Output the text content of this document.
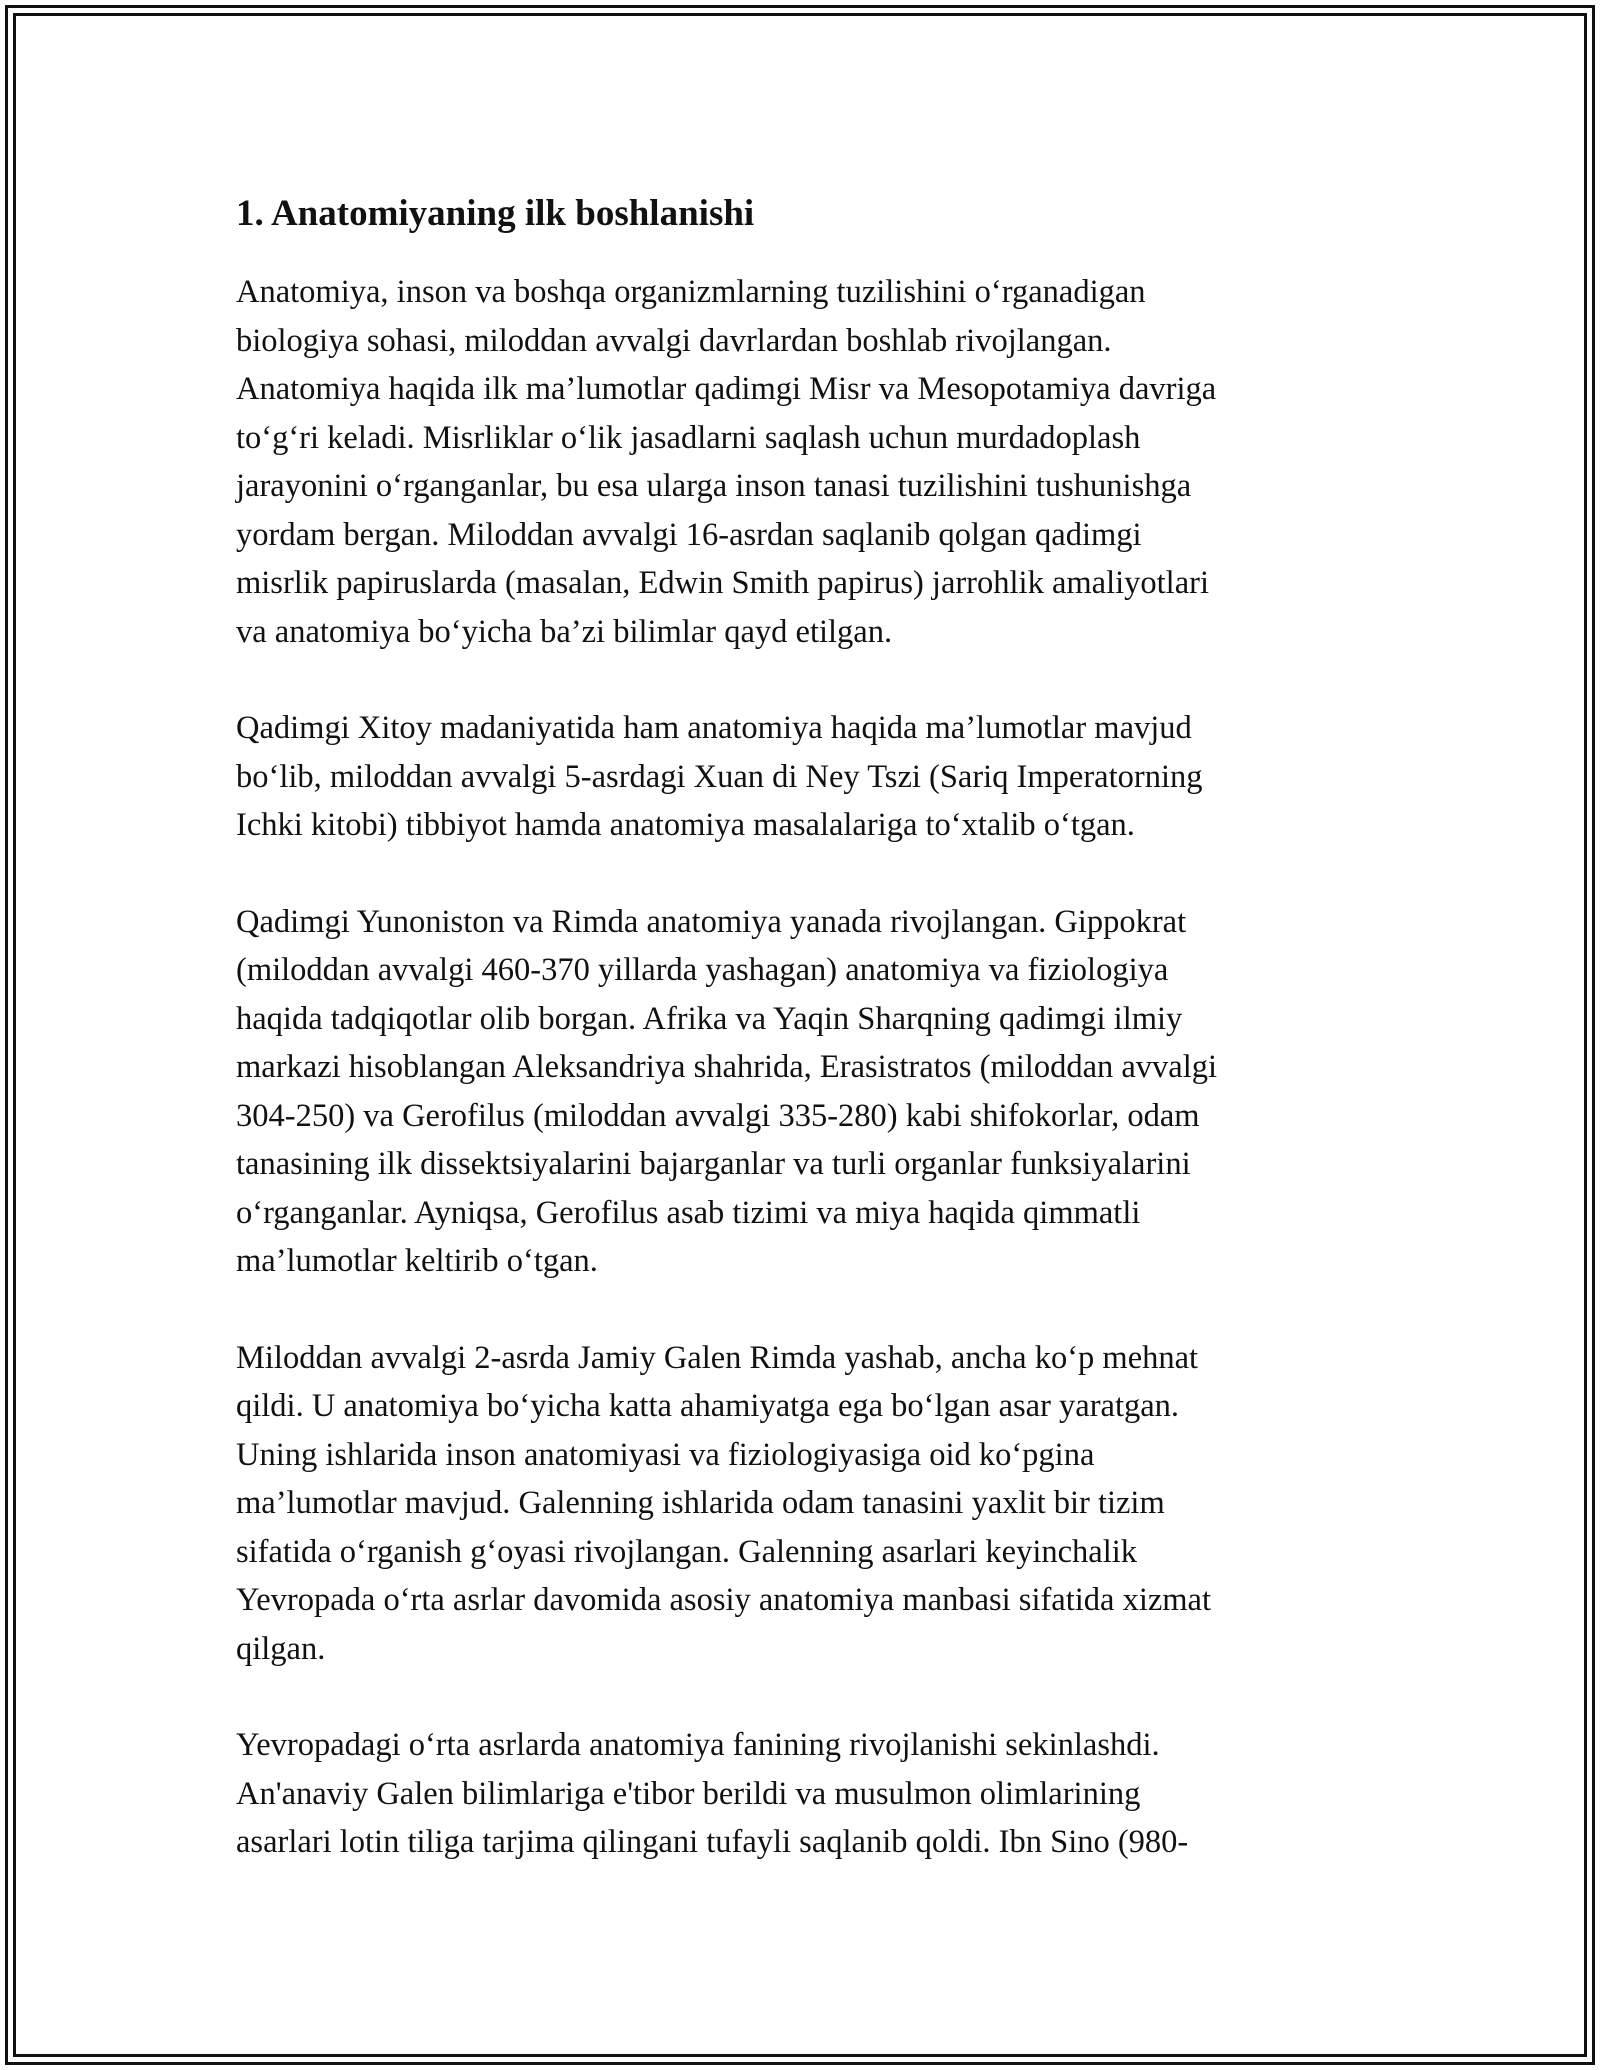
1. Anatomiyaning ilk boshlanishi

Anatomiya, inson va boshqa organizmlarning tuzilishini o‘rganadigan
biologiya sohasi, miloddan avvalgi davrlardan boshlab rivojlangan.
Anatomiya haqida ilk ma’lumotlar qadimgi Misr va Mesopotamiya davriga
to‘g‘ri keladi. Misrliklar o‘lik jasadlarni saqlash uchun murdadoplash
jarayonini o‘rganganlar, bu esa ularga inson tanasi tuzilishini tushunishga
yordam bergan. Miloddan avvalgi 16-asrdan saqlanib qolgan qadimgi
misrlik papiruslarda (masalan, Edwin Smith papirus) jarrohlik amaliyotlari
va anatomiya bo‘yicha ba’zi bilimlar qayd etilgan.

Qadimgi Xitoy madaniyatida ham anatomiya haqida ma’lumotlar mavjud
bo‘lib, miloddan avvalgi 5-asrdagi Xuan di Ney Tszi (Sariq Imperatorning
Ichki kitobi) tibbiyot hamda anatomiya masalalariga to‘xtalib o‘tgan.

Qadimgi Yunoniston va Rimda anatomiya yanada rivojlangan. Gippokrat
(miloddan avvalgi 460-370 yillarda yashagan) anatomiya va fiziologiya
haqida tadqiqotlar olib borgan. Afrika va Yaqin Sharqning qadimgi ilmiy
markazi hisoblangan Aleksandriya shahrida, Erasistratos (miloddan avvalgi
304-250) va Gerofilus (miloddan avvalgi 335-280) kabi shifokorlar, odam
tanasining ilk dissektsiyalarini bajarganlar va turli organlar funksiyalarini
o‘rganganlar. Ayniqsa, Gerofilus asab tizimi va miya haqida qimmatli
ma’lumotlar keltirib o‘tgan.

Miloddan avvalgi 2-asrda Jamiy Galen Rimda yashab, ancha ko‘p mehnat
qildi. U anatomiya bo‘yicha katta ahamiyatga ega bo‘lgan asar yaratgan.
Uning ishlarida inson anatomiyasi va fiziologiyasiga oid ko‘pgina
ma’lumotlar mavjud. Galenning ishlarida odam tanasini yaxlit bir tizim
sifatida o‘rganish g‘oyasi rivojlangan. Galenning asarlari keyinchalik
Yevropada o‘rta asrlar davomida asosiy anatomiya manbasi sifatida xizmat
qilgan.

Yevropadagi o‘rta asrlarda anatomiya fanining rivojlanishi sekinlashdi.
An'anaviy Galen bilimlariga e'tibor berildi va musulmon olimlarining
asarlari lotin tiliga tarjima qilingani tufayli saqlanib qoldi. Ibn Sino (980-
